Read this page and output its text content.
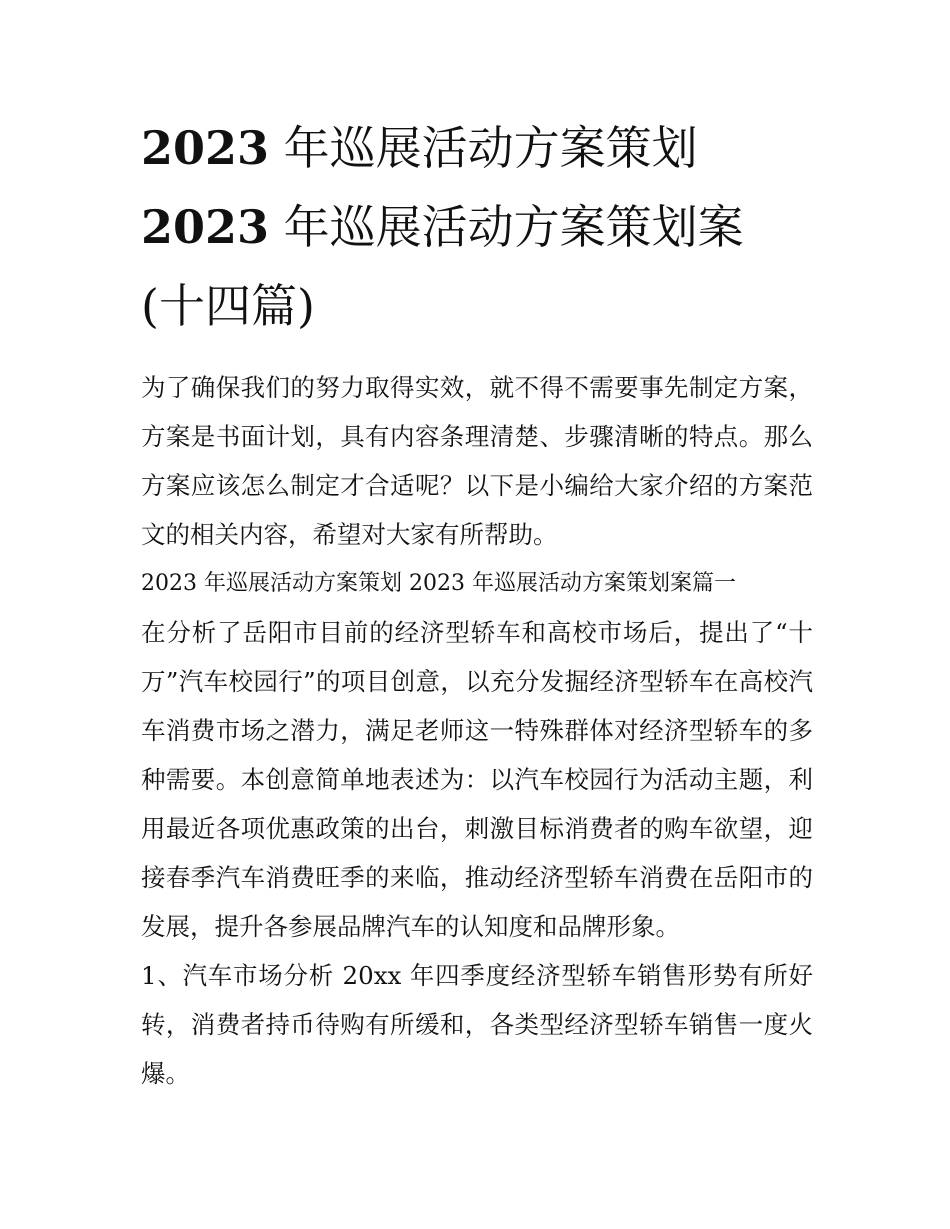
2023 年巡展活动方案策划
2023 年巡展活动方案策划案
(十四篇)

为了确保我们的努力取得实效，就不得不需要事先制定方案，方案是书面计划，具有内容条理清楚、步骤清晰的特点。那么方案应该怎么制定才合适呢？以下是小编给大家介绍的方案范文的相关内容，希望对大家有所帮助。

2023 年巡展活动方案策划 2023 年巡展活动方案策划案篇一

在分析了岳阳市目前的经济型轿车和高校市场后，提出了“十万”汽车校园行”的项目创意，以充分发掘经济型轿车在高校汽车消费市场之潜力，满足老师这一特殊群体对经济型轿车的多种需要。本创意简单地表述为：以汽车校园行为活动主题，利用最近各项优惠政策的出台，刺激目标消费者的购车欲望，迎接春季汽车消费旺季的来临，推动经济型轿车消费在岳阳市的发展，提升各参展品牌汽车的认知度和品牌形象。

1、汽车市场分析 20xx 年四季度经济型轿车销售形势有所好转，消费者持币待购有所缓和，各类型经济型轿车销售一度火爆。
